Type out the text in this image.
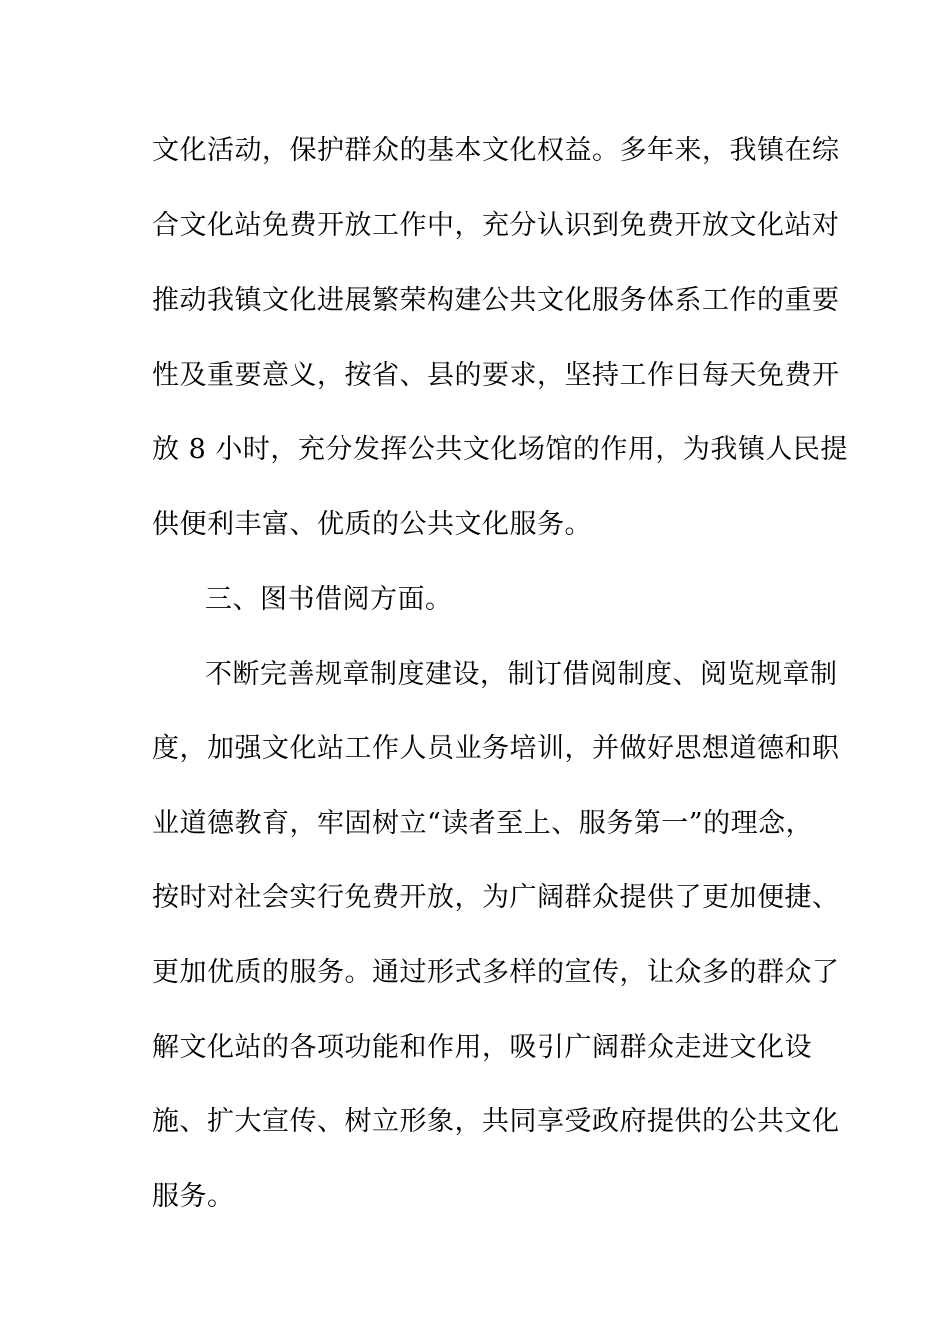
文化活动，保护群众的基本文化权益。多年来，我镇在综

合文化站免费开放工作中，充分认识到免费开放文化站对

推动我镇文化进展繁荣构建公共文化服务体系工作的重要

性及重要意义，按省、县的要求，坚持工作日每天免费开

放 8 小时，充分发挥公共文化场馆的作用，为我镇人民提

供便利丰富、优质的公共文化服务。

三、图书借阅方面。

不断完善规章制度建设，制订借阅制度、阅览规章制

度，加强文化站工作人员业务培训，并做好思想道德和职

业道德教育，牢固树立“读者至上、服务第一”的理念，

按时对社会实行免费开放，为广阔群众提供了更加便捷、

更加优质的服务。通过形式多样的宣传，让众多的群众了

解文化站的各项功能和作用，吸引广阔群众走进文化设

施、扩大宣传、树立形象，共同享受政府提供的公共文化

服务。
